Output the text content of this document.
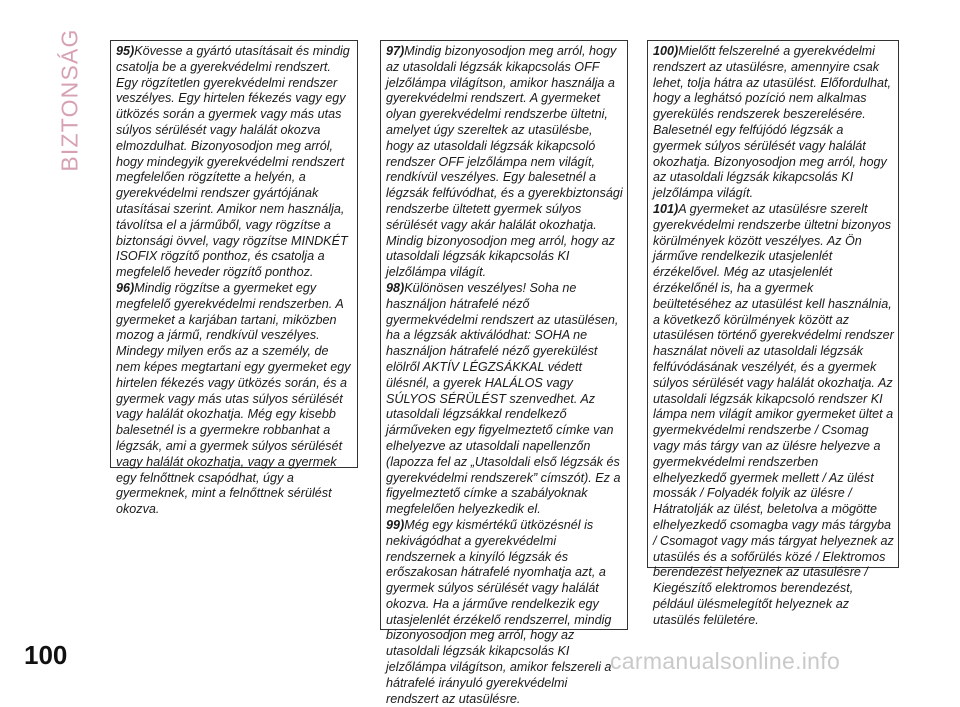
BIZTONSÁG	95)Kövesse a gyártó utasításait és mindig csatolja be a gyerekvédelmi rendszert. Egy rögzítetlen gyerekvédelmi rendszer veszélyes. Egy hirtelen fékezés vagy egy ütközés során a gyermek vagy más utas súlyos sérülését vagy halálát okozva elmozdulhat. Bizonyosodjon meg arról, hogy mindegyik gyerekvédelmi rendszert megfelelően rögzítette a helyén, a gyerekvédelmi rendszer gyártójának utasításai szerint. Amikor nem használja, távolítsa el a járműből, vagy rögzítse a biztonsági övvel, vagy rögzítse MINDKÉT ISOFIX rögzítő ponthoz, és csatolja a megfelelő heveder rögzítő ponthoz.

96)Mindig rögzítse a gyermeket egy megfelelő gyerekvédelmi rendszerben. A gyermeket a karjában tartani, miközben mozog a jármű, rendkívül veszélyes. Mindegy milyen erős az a személy, de nem képes megtartani egy gyermeket egy hirtelen fékezés vagy ütközés során, és a gyermek vagy más utas súlyos sérülését vagy halálát okozhatja. Még egy kisebb balesetnél is a gyermekre robbanhat a légzsák, ami a gyermek súlyos sérülését vagy halálát okozhatja, vagy a gyermek egy felnőttnek csapódhat, úgy a gyermeknek, mint a felnőttnek sérülést okozva.

97)Mindig bizonyosodjon meg arról, hogy az utasoldali légzsák kikapcsolás OFF jelzőlámpa világítson, amikor használja a gyerekvédelmi rendszert. A gyermeket olyan gyerekvédelmi rendszerbe ültetni, amelyet úgy szereltek az utasülésbe, hogy az utasoldali légzsák kikapcsoló rendszer OFF jelzőlámpa nem világít, rendkívül veszélyes. Egy balesetnél a légzsák felfúvódhat, és a gyerekbiztonsági rendszerbe ültetett gyermek súlyos sérülését vagy akár halálát okozhatja. Mindig bizonyosodjon meg arról, hogy az utasoldali légzsák kikapcsolás KI jelzőlámpa világít.

98)Különösen veszélyes! Soha ne használjon hátrafelé néző gyermekvédelmi rendszert az utasülésen, ha a légzsák aktiválódhat: SOHA ne használjon hátrafelé néző gyerekülést elölről AKTÍV LÉGZSÁKKAL védett ülésnél, a gyerek HALÁLOS vagy SÚLYOS SÉRÜLÉST szenvedhet. Az utasoldali légzsákkal rendelkező járműveken egy figyelmeztető címke van elhelyezve az utasoldali napellenzőn (lapozza fel az „Utasoldali első légzsák és gyerekvédelmi rendszerek” címszót). Ez a figyelmeztető címke a szabályoknak megfelelően helyezkedik el.

99)Még egy kismértékű ütközésnél is nekivágódhat a gyerekvédelmi rendszernek a kinyíló légzsák és erőszakosan hátrafelé nyomhatja azt, a gyermek súlyos sérülését vagy halálát okozva. Ha a járműve rendelkezik egy utasjelenlét érzékelő rendszerrel, mindig bizonyosodjon meg arról, hogy az utasoldali légzsák kikapcsolás KI jelzőlámpa világítson, amikor felszereli a hátrafelé irányuló gyerekvédelmi rendszert az utasülésre.

100)Mielőtt felszerelné a gyerekvédelmi rendszert az utasülésre, amennyire csak lehet, tolja hátra az utasülést. Előfordulhat, hogy a leghátsó pozíció nem alkalmas gyerekülés rendszerek beszerelésére. Balesetnél egy felfújódó légzsák a gyermek súlyos sérülését vagy halálát okozhatja. Bizonyosodjon meg arról, hogy az utasoldali légzsák kikapcsolás KI jelzőlámpa világít.

101)A gyermeket az utasülésre szerelt gyerekvédelmi rendszerbe ültetni bizonyos körülmények között veszélyes. Az Ön járműve rendelkezik utasjelenlét érzékelővel. Még az utasjelenlét érzékelőnél is, ha a gyermek beültetéséhez az utasülést kell használnia, a következő körülmények között az utasülésen történő gyerekvédelmi rendszer használat növeli az utasoldali légzsák felfúvódásának veszélyét, és a gyermek súlyos sérülését vagy halálát okozhatja. Az utasoldali légzsák kikapcsoló rendszer KI lámpa nem világít amikor gyermeket ültet a gyermekvédelmi rendszerbe / Csomag vagy más tárgy van az ülésre helyezve a gyermekvédelmi rendszerben elhelyezkedő gyermek mellett / Az ülést mossák / Folyadék folyik az ülésre / Hátratolják az ülést, beletolva a mögötte elhelyezkedő csomagba vagy más tárgyba / Csomagot vagy más tárgyat helyeznek az utasülés és a sofőrülés közé / Elektromos berendezést helyeznek az utasülésre / Kiegészítő elektromos berendezést, például ülésmelegítőt helyeznek az utasülés felületére.

100	carmanualsonline.info
